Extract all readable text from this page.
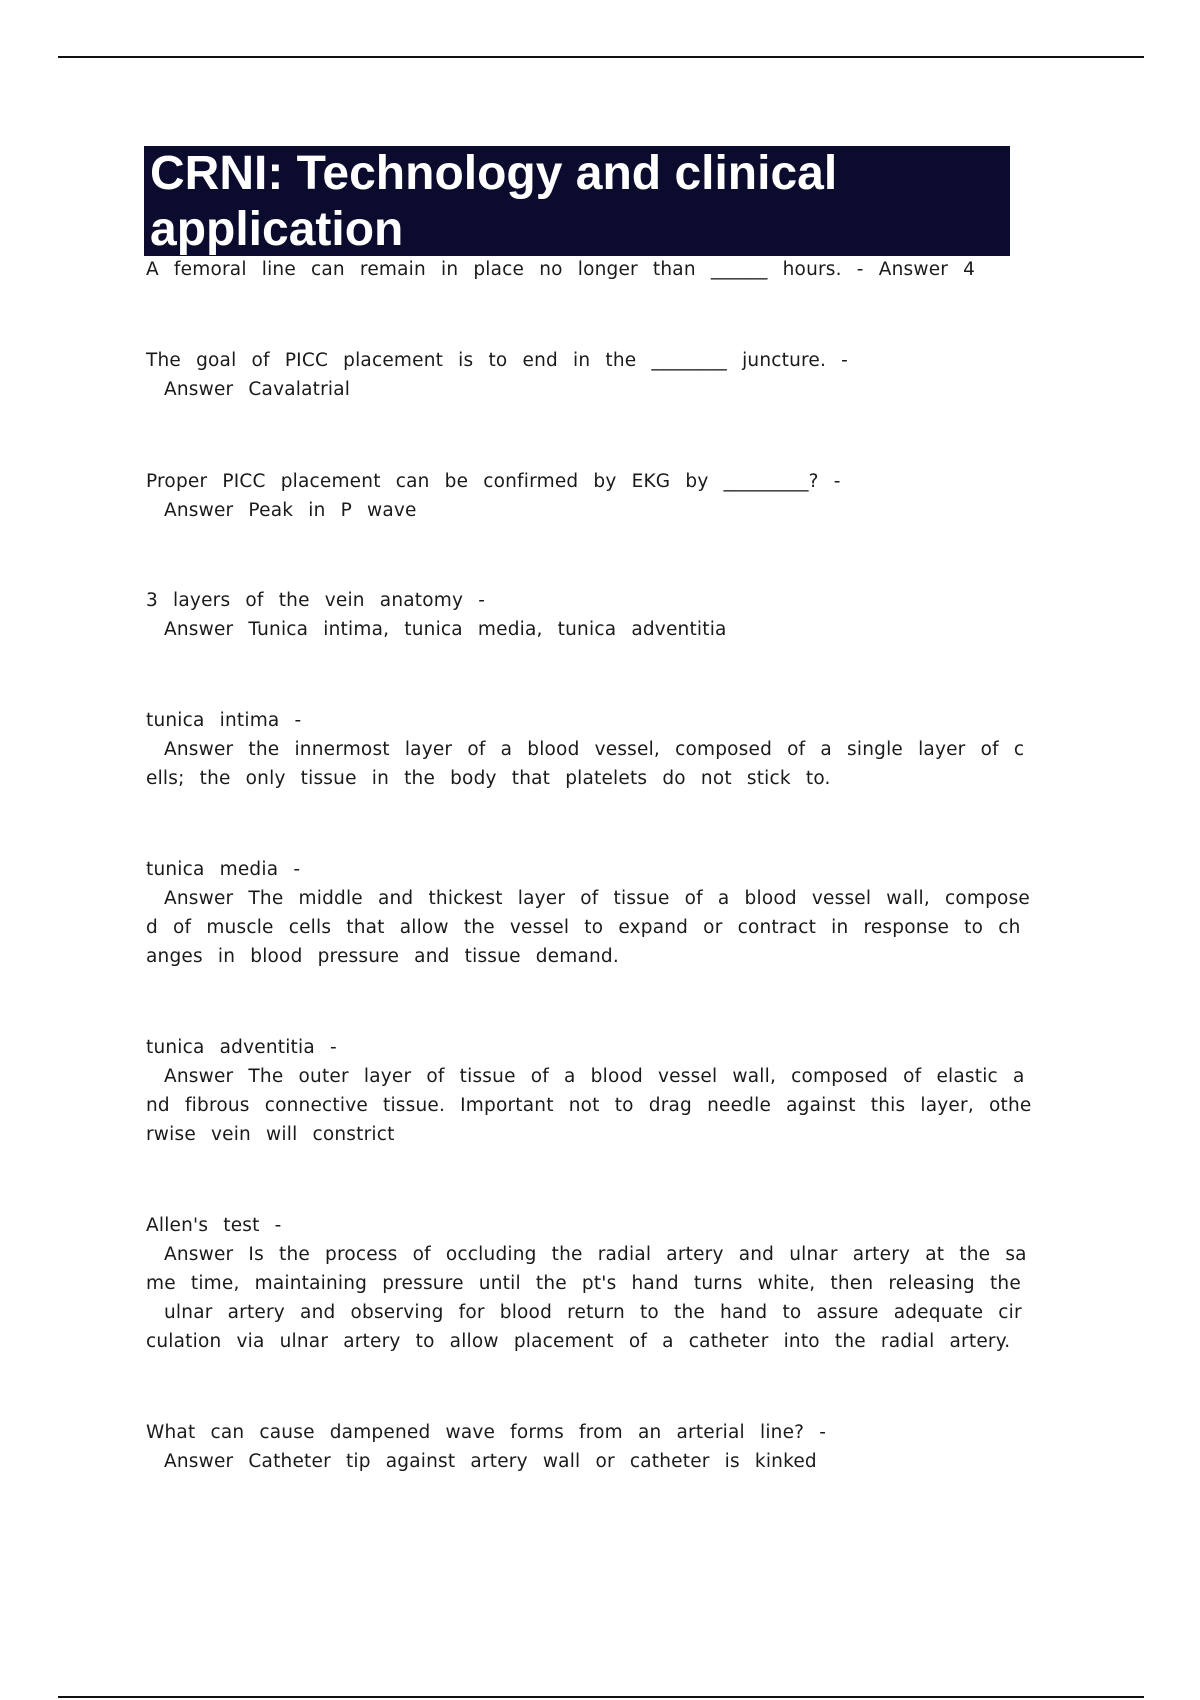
CRNI: Technology and clinical

application

A femoral line can remain in place no longer than ______ hours. - Answer 4

The goal of PICC placement is to end in the ________ juncture. -

Answer Cavalatrial

Proper PICC placement can be confirmed by EKG by _________? -

Answer Peak in P wave

3 layers of the vein anatomy -

Answer Tunica intima, tunica media, tunica adventitia

tunica intima -

Answer the innermost layer of a blood vessel, composed of a single layer of c

ells; the only tissue in the body that platelets do not stick to.

tunica media -

Answer The middle and thickest layer of tissue of a blood vessel wall, compose

d of muscle cells that allow the vessel to expand or contract in response to ch

anges in blood pressure and tissue demand.

tunica adventitia -

Answer The outer layer of tissue of a blood vessel wall, composed of elastic a

nd fibrous connective tissue. Important not to drag needle against this layer, othe

rwise vein will constrict

Allen's test -

Answer Is the process of occluding the radial artery and ulnar artery at the sa

me time, maintaining pressure until the pt's hand turns white, then releasing the

ulnar artery and observing for blood return to the hand to assure adequate cir

culation via ulnar artery to allow placement of a catheter into the radial artery.

What can cause dampened wave forms from an arterial line? -

Answer Catheter tip against artery wall or catheter is kinked
